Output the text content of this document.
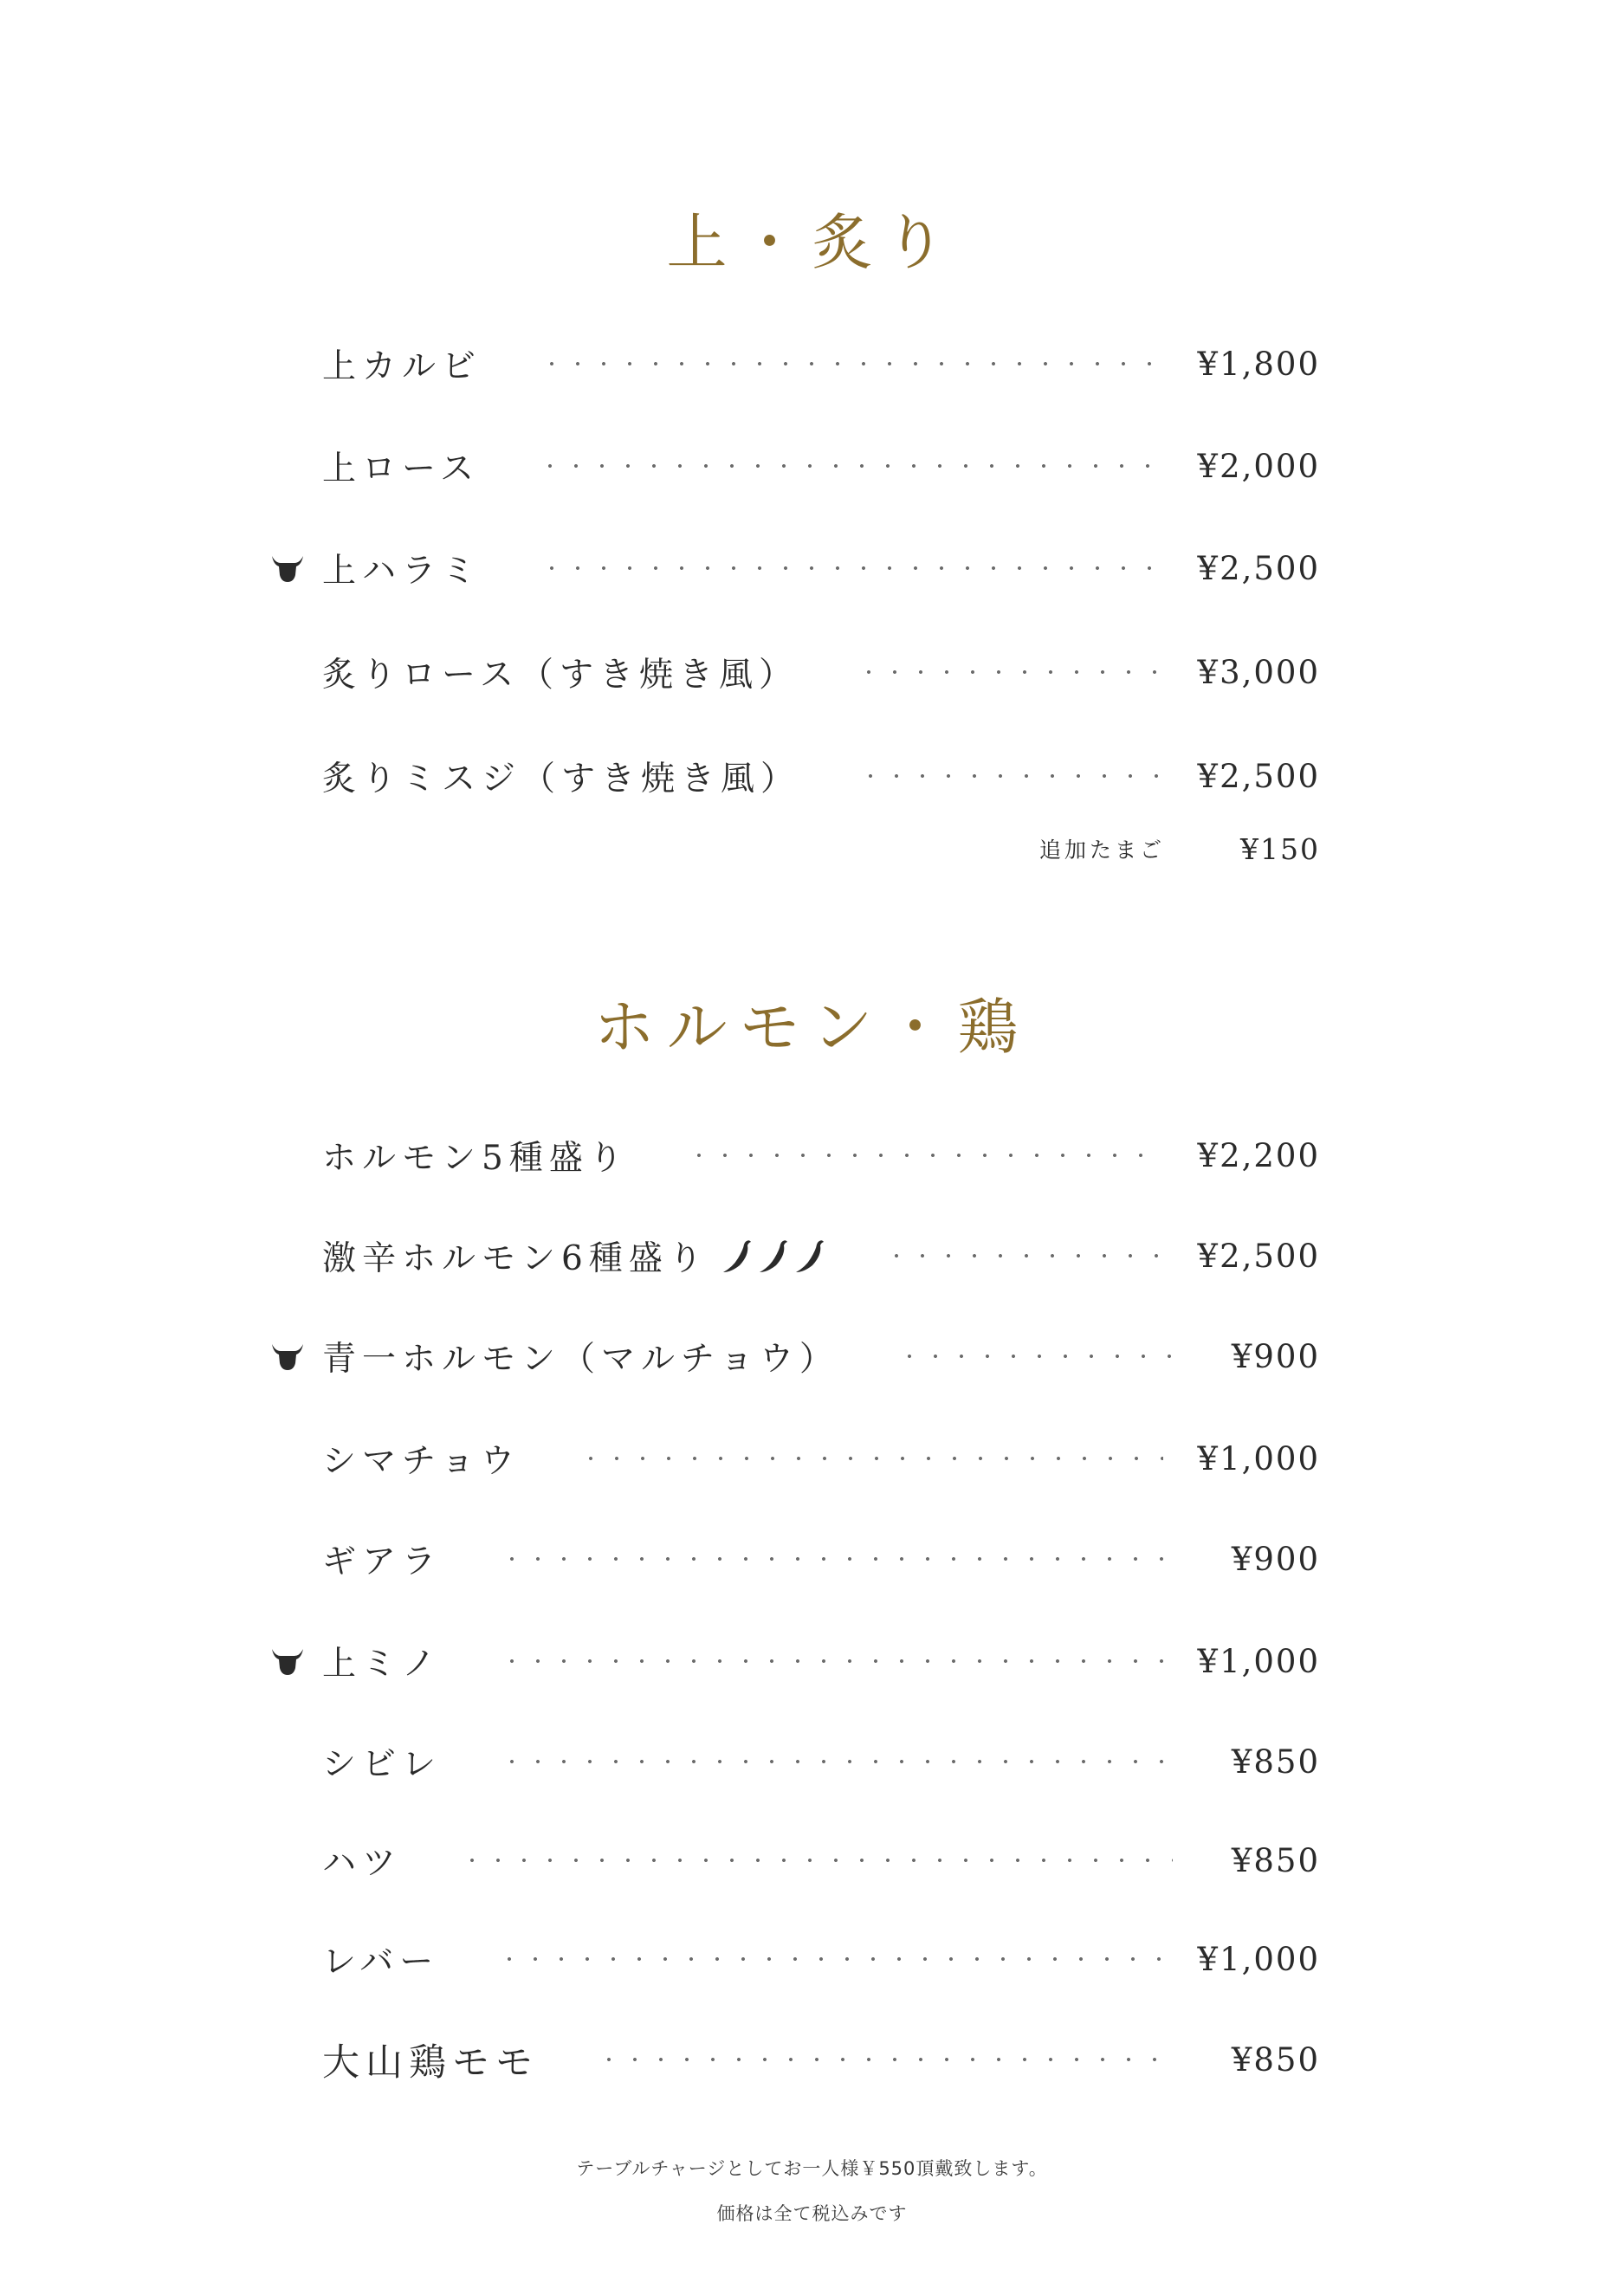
上・炙り
上カルビ	¥1,800
上ロース	¥2,000
上ハラミ	¥2,500
炙りロース（すき焼き風）	¥3,000
炙りミスジ（すき焼き風）	¥2,500
追加たまご	¥150
ホルモン・鶏
ホルモン5種盛り	¥2,200
激辛ホルモン6種盛り	¥2,500
青一ホルモン（マルチョウ）	¥900
シマチョウ	¥1,000
ギアラ	¥900
上ミノ	¥1,000
シビレ	¥850
ハツ	¥850
レバー	¥1,000
大山鶏モモ	¥850
テーブルチャージとしてお一人様￥550頂戴致します。
価格は全て税込みです
